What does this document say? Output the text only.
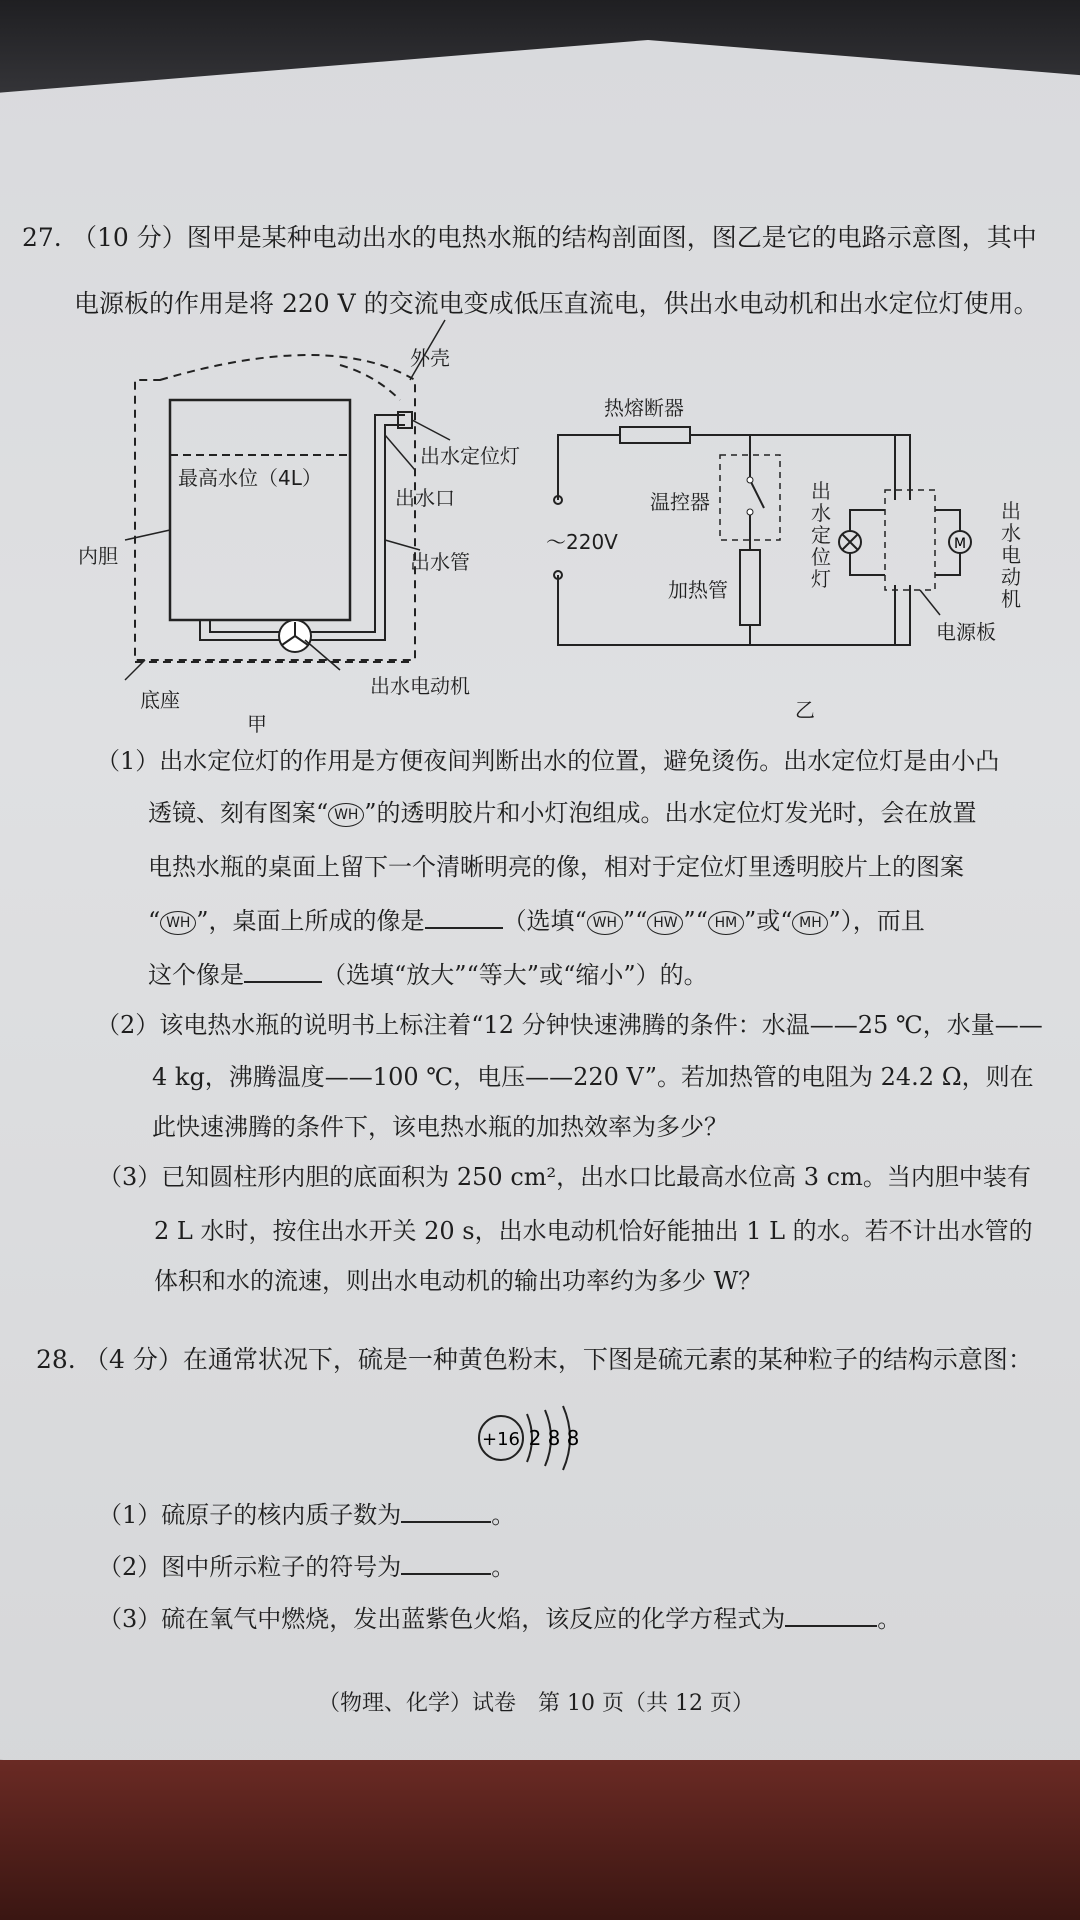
27. （10 分）图甲是某种电动出水的电热水瓶的结构剖面图，图乙是它的电路示意图，其中
电源板的作用是将 220 V 的交流电变成低压直流电，供出水电动机和出水定位灯使用。
外壳
出水定位灯
最高水位（4L）
出水口
内胆	出水管
底座
出水电动机
甲
M
热熔断器
温控器
～220V
加热管
出水定位灯
出水电动机
电源板
乙
（1）出水定位灯的作用是方便夜间判断出水的位置，避免烫伤。出水定位灯是由小凸
透镜、刻有图案“ WH ”的透明胶片和小灯泡组成。出水定位灯发光时，会在放置
电热水瓶的桌面上留下一个清晰明亮的像，相对于定位灯里透明胶片上的图案
“ WH ”，桌面上所成的像是	（选填“ WH ”“ HW ”“ HM ”或“ MH ”），而且
这个像是	（选填“放大”“等大”或“缩小”）的。
（2）该电热水瓶的说明书上标注着“12 分钟快速沸腾的条件：水温——25 ℃，水量——
4 kg，沸腾温度——100 ℃，电压——220 V”。若加热管的电阻为 24.2 Ω，则在
此快速沸腾的条件下，该电热水瓶的加热效率为多少？
（3）已知圆柱形内胆的底面积为 250 cm²，出水口比最高水位高 3 cm。当内胆中装有
2 L 水时，按住出水开关 20 s，出水电动机恰好能抽出 1 L 的水。若不计出水管的
体积和水的流速，则出水电动机的输出功率约为多少 W？
28. （4 分）在通常状况下，硫是一种黄色粉末，下图是硫元素的某种粒子的结构示意图：
+16 2 8 8
（1）硫原子的核内质子数为	。
（2）图中所示粒子的符号为	。
（3）硫在氧气中燃烧，发出蓝紫色火焰，该反应的化学方程式为	。
（物理、化学）试卷　第 10 页（共 12 页）
